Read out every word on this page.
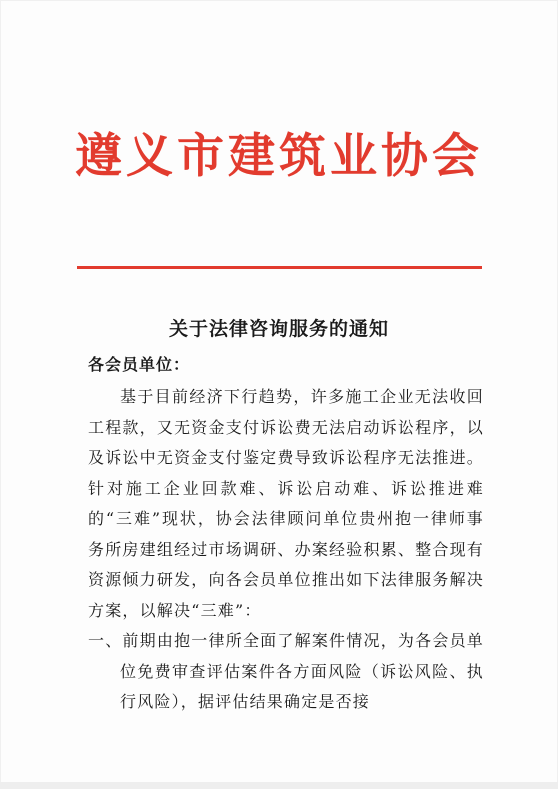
遵义市建筑业协会
关于法律咨询服务的通知
各会员单位：

基于目前经济下行趋势，许多施工企业无法收回工程款，又无资金支付诉讼费无法启动诉讼程序，以及诉讼中无资金支付鉴定费导致诉讼程序无法推进。针对施工企业回款难、诉讼启动难、诉讼推进难的“三难”现状，协会法律顾问单位贵州抱一律师事务所房建组经过市场调研、办案经验积累、整合现有资源倾力研发，向各会员单位推出如下法律服务解决方案，以解决“三难”：

一、前期由抱一律所全面了解案件情况，为各会员单位免费审查评估案件各方面风险（诉讼风险、执行风险），据评估结果确定是否接
